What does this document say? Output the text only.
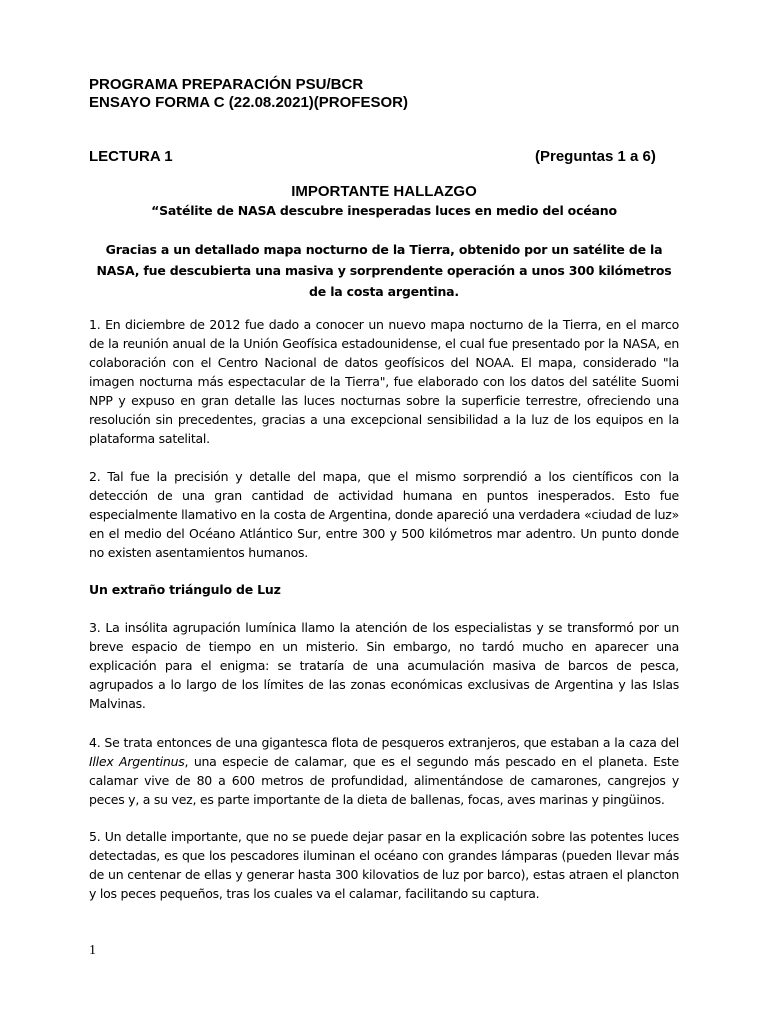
PROGRAMA PREPARACIÓN PSU/BCR
ENSAYO FORMA C (22.08.2021)(PROFESOR)
LECTURA 1	(Preguntas 1 a 6)
IMPORTANTE HALLAZGO
“Satélite de NASA descubre inesperadas luces en medio del océano
Gracias a un detallado mapa nocturno de la Tierra, obtenido por un satélite de la NASA, fue descubierta una masiva y sorprendente operación a unos 300 kilómetros de la costa argentina.
1. En diciembre de 2012 fue dado a conocer un nuevo mapa nocturno de la Tierra, en el marco de la reunión anual de la Unión Geofísica estadounidense, el cual fue presentado por la NASA, en colaboración con el Centro Nacional de datos geofísicos del NOAA. El mapa, considerado "la imagen nocturna más espectacular de la Tierra", fue elaborado con los datos del satélite Suomi NPP y expuso en gran detalle las luces nocturnas sobre la superficie terrestre, ofreciendo una resolución sin precedentes, gracias a una excepcional sensibilidad a la luz de los equipos en la plataforma satelital.
2. Tal fue la precisión y detalle del mapa, que el mismo sorprendió a los científicos con la detección de una gran cantidad de actividad humana en puntos inesperados. Esto fue especialmente llamativo en la costa de Argentina, donde apareció una verdadera «ciudad de luz» en el medio del Océano Atlántico Sur, entre 300 y 500 kilómetros mar adentro. Un punto donde no existen asentamientos humanos.
Un extraño triángulo de Luz
3. La insólita agrupación lumínica llamo la atención de los especialistas y se transformó por un breve espacio de tiempo en un misterio. Sin embargo, no tardó mucho en aparecer una explicación para el enigma: se trataría de una acumulación masiva de barcos de pesca, agrupados a lo largo de los límites de las zonas económicas exclusivas de Argentina y las Islas Malvinas.
4. Se trata entonces de una gigantesca flota de pesqueros extranjeros, que estaban a la caza del Illex Argentinus, una especie de calamar, que es el segundo más pescado en el planeta. Este calamar vive de 80 a 600 metros de profundidad, alimentándose de camarones, cangrejos y peces y, a su vez, es parte importante de la dieta de ballenas, focas, aves marinas y pingüinos.
5. Un detalle importante, que no se puede dejar pasar en la explicación sobre las potentes luces detectadas, es que los pescadores iluminan el océano con grandes lámparas (pueden llevar más de un centenar de ellas y generar hasta 300 kilovatios de luz por barco), estas atraen el plancton y los peces pequeños, tras los cuales va el calamar, facilitando su captura.
1
